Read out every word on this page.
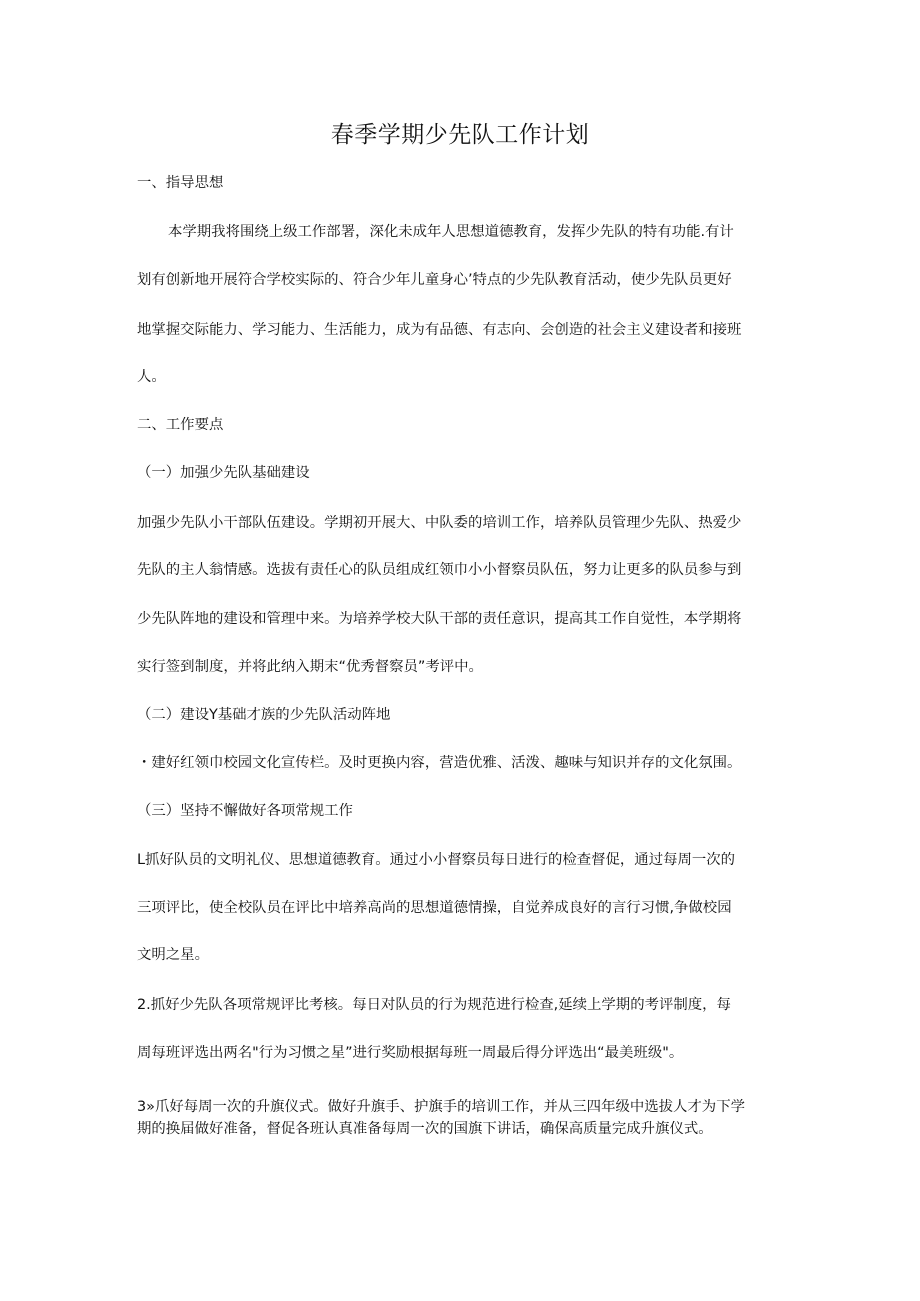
春季学期少先队工作计划
一、指导思想
本学期我将围绕上级工作部署，深化未成年人思想道德教育，发挥少先队的特有功能.有计
划有创新地开展符合学校实际的、符合少年儿童身心’特点的少先队教育活动，使少先队员更好
地掌握交际能力、学习能力、生活能力，成为有品德、有志向、会创造的社会主义建设者和接班
人。
二、工作要点
（一）加强少先队基础建设
加强少先队小干部队伍建设。学期初开展大、中队委的培训工作，培养队员管理少先队、热爱少
先队的主人翁情感。选拔有责任心的队员组成红领巾小小督察员队伍，努力让更多的队员参与到
少先队阵地的建设和管理中来。为培养学校大队干部的责任意识，提高其工作自觉性，本学期将
实行签到制度，并将此纳入期末“优秀督察员”考评中。
（二）建设Y基础才族的少先队活动阵地
・建好红领巾校园文化宣传栏。及时更换内容，营造优雅、活泼、趣味与知识并存的文化氛围。
（三）坚持不懈做好各项常规工作
L抓好队员的文明礼仪、思想道德教育。通过小小督察员每日进行的检查督促，通过每周一次的
三项评比，使全校队员在评比中培养高尚的思想道德情操，自觉养成良好的言行习惯,争做校园
文明之星。
2.抓好少先队各项常规评比考核。每日对队员的行为规范进行检查,延续上学期的考评制度，每
周每班评选出两名"行为习惯之星”进行奖励根据每班一周最后得分评选出“最美班级"。
3»爪好每周一次的升旗仪式。做好升旗手、护旗手的培训工作，并从三四年级中选拔人才为下学
期的换届做好准备，督促各班认真准备每周一次的国旗下讲话，确保高质量完成升旗仪式。
